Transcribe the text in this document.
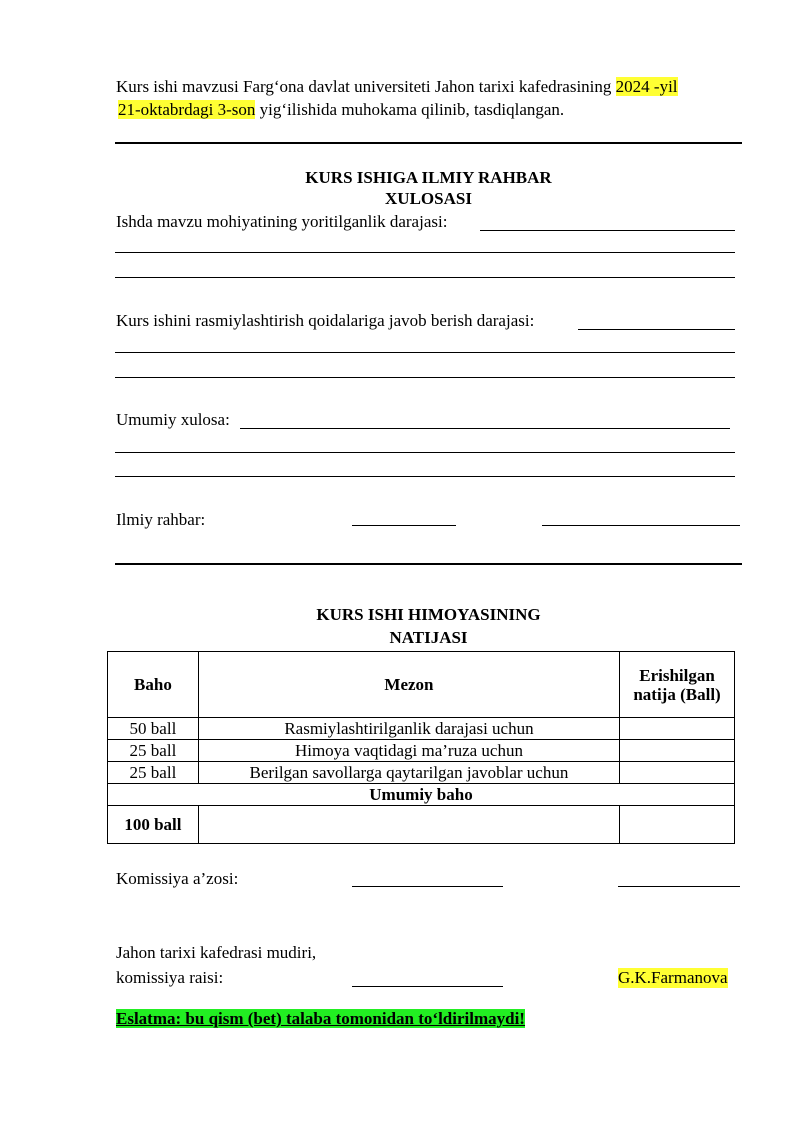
Kurs ishi mavzusi Farg‘ona davlat universiteti Jahon tarixi kafedrasining 2024 -yil
21-oktabrdagi 3-son yig‘ilishida muhokama qilinib, tasdiqlangan.
KURS ISHIGA ILMIY RAHBAR
XULOSASI
Ishda mavzu mohiyatining yoritilganlik darajasi:
Kurs ishini rasmiylashtirish qoidalariga javob berish darajasi:
Umumiy xulosa:
Ilmiy rahbar:
KURS ISHI HIMOYASINING
NATIJASI
Baho	Mezon	Erishilgan natija (Ball)
50 ball	Rasmiylashtirilganlik darajasi uchun	
25 ball	Himoya vaqtidagi ma’ruza uchun	
25 ball	Berilgan savollarga qaytarilgan javoblar uchun	
Umumiy baho		
100 ball		
Komissiya a’zosi:
Jahon tarixi kafedrasi mudiri,
komissiya raisi:	G.K.Farmanova
Eslatma: bu qism (bet) talaba tomonidan to‘ldirilmaydi!
